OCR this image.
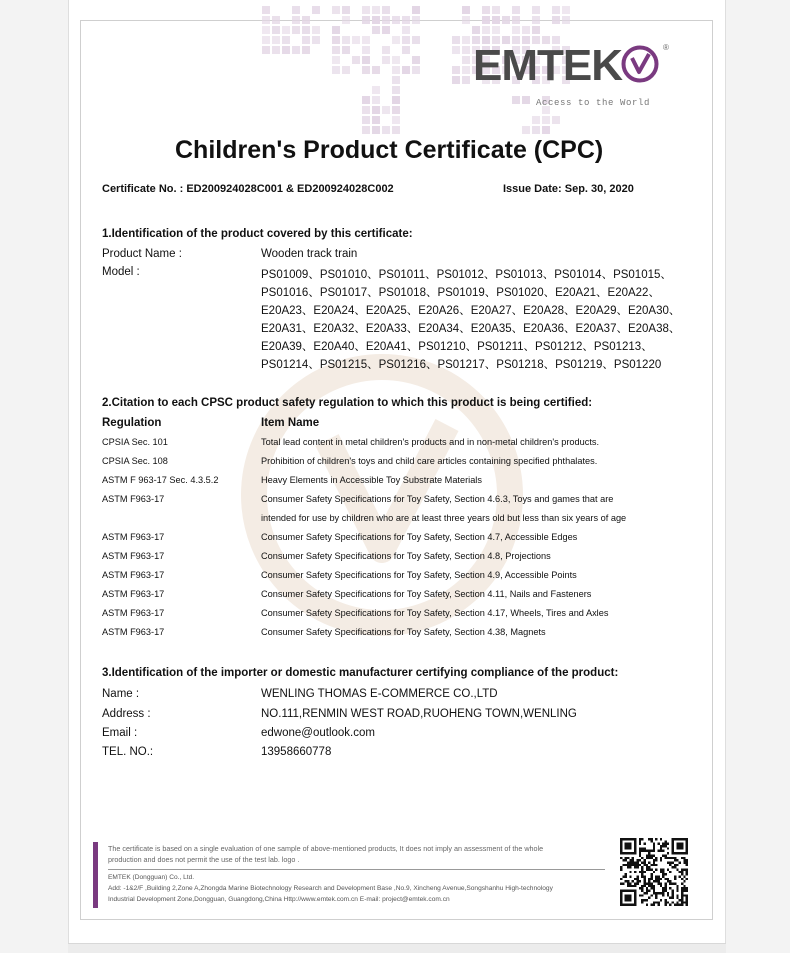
EMTEK	®
Access to the World
Children's Product Certificate (CPC)
Certificate No. : ED200924028C001 & ED200924028C002	Issue Date: Sep. 30, 2020
1.Identification of the product covered by this certificate:
Product Name :	Wooden track train
Model :	PS01009、PS01010、PS01011、PS01012、PS01013、PS01014、PS01015、
PS01016、PS01017、PS01018、PS01019、PS01020、E20A21、E20A22、
E20A23、E20A24、E20A25、E20A26、E20A27、E20A28、E20A29、E20A30、
E20A31、E20A32、E20A33、E20A34、E20A35、E20A36、E20A37、E20A38、
E20A39、E20A40、E20A41、PS01210、PS01211、PS01212、PS01213、
PS01214、PS01215、PS01216、PS01217、PS01218、PS01219、PS01220
2.Citation to each CPSC product safety regulation to which this product is being certified:
Regulation	Item Name
CPSIA Sec. 101	Total lead content in metal children's products and in non-metal children's products.
CPSIA Sec. 108	Prohibition of children's toys and child care articles containing specified phthalates.
ASTM F 963-17 Sec. 4.3.5.2	Heavy Elements in Accessible Toy Substrate Materials
ASTM F963-17	Consumer Safety Specifications for Toy Safety, Section 4.6.3, Toys and games that are
intended for use by children who are at least three years old but less than six years of age
ASTM F963-17	Consumer Safety Specifications for Toy Safety, Section 4.7, Accessible Edges
ASTM F963-17	Consumer Safety Specifications for Toy Safety, Section 4.8, Projections
ASTM F963-17	Consumer Safety Specifications for Toy Safety, Section 4.9, Accessible Points
ASTM F963-17	Consumer Safety Specifications for Toy Safety, Section 4.11, Nails and Fasteners
ASTM F963-17	Consumer Safety Specifications for Toy Safety, Section 4.17, Wheels, Tires and Axles
ASTM F963-17	Consumer Safety Specifications for Toy Safety, Section 4.38, Magnets
3.Identification of the importer or domestic manufacturer certifying compliance of the product:
Name :	WENLING THOMAS E-COMMERCE CO.,LTD
Address :	NO.111,RENMIN WEST ROAD,RUOHENG TOWN,WENLING
Email :	edwone@outlook.com
TEL. NO.:	13958660778
The certificate is based on a single evaluation of one sample of above-mentioned products, It does not imply an assessment of the whole
production and does not permit the use of the test lab. logo .
EMTEK (Dongguan) Co., Ltd.
Add: -1&2/F ,Building 2,Zone A,Zhongda Marine Biotechnology Research and Development Base ,No.9, Xincheng Avenue,Songshanhu High-technology
Industrial Development Zone,Dongguan, Guangdong,China Http://www.emtek.com.cn E-mail: project@emtek.com.cn
